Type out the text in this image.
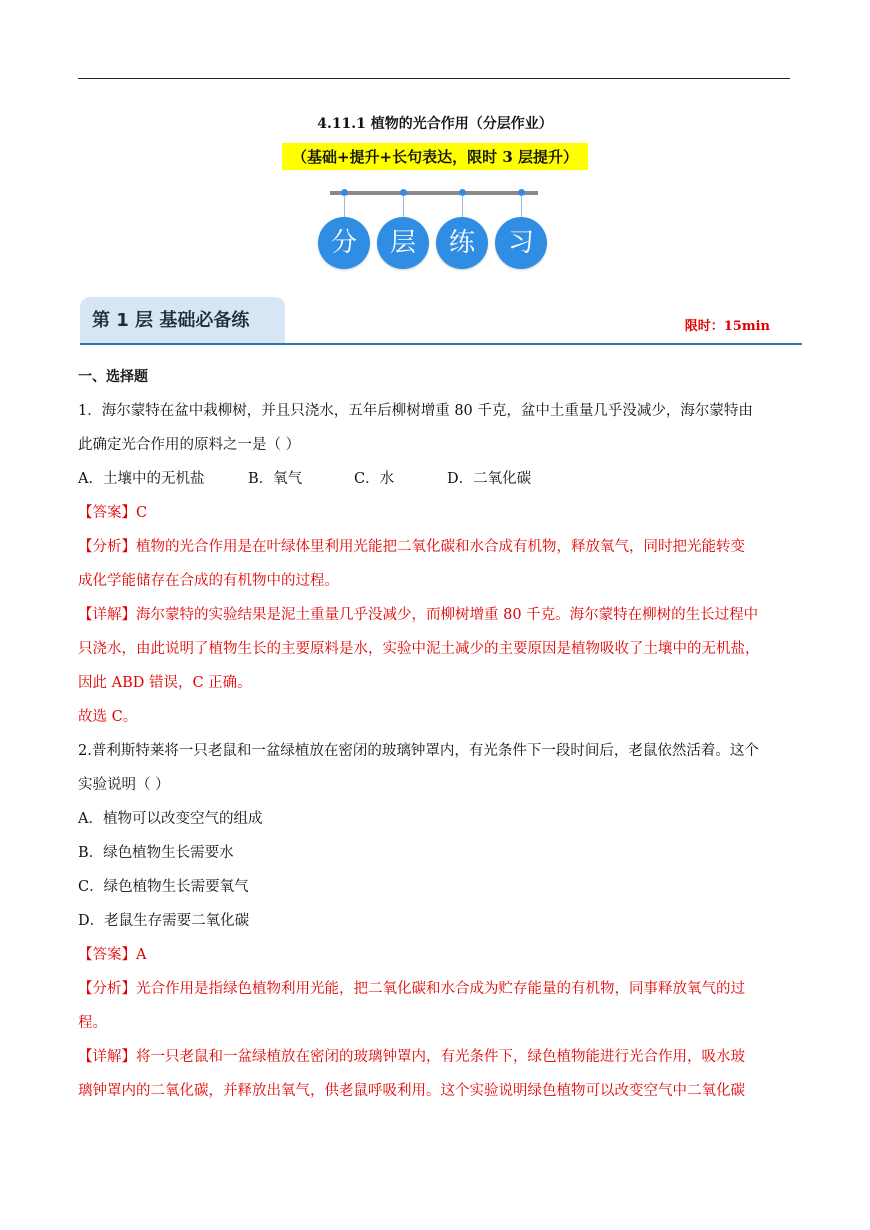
4.11.1 植物的光合作用（分层作业）
（基础+提升+长句表达，限时 3 层提升）
分	层	练	习
第 1 层 基础必备练	限时：15min

一、选择题

1．海尔蒙特在盆中栽柳树，并且只浇水，五年后柳树增重 80 千克，盆中土重量几乎没减少，海尔蒙特由

此确定光合作用的原料之一是（ ）

A．土壤中的无机盐	B．氧气	C．水	D．二氧化碳

【答案】C

【分析】植物的光合作用是在叶绿体里利用光能把二氧化碳和水合成有机物，释放氧气，同时把光能转变

成化学能储存在合成的有机物中的过程。

【详解】海尔蒙特的实验结果是泥土重量几乎没减少，而柳树增重 80 千克。海尔蒙特在柳树的生长过程中

只浇水，由此说明了植物生长的主要原料是水，实验中泥土减少的主要原因是植物吸收了土壤中的无机盐，

因此 ABD 错误，C 正确。

故选 C。

2.普利斯特莱将一只老鼠和一盆绿植放在密闭的玻璃钟罩内，有光条件下一段时间后，老鼠依然活着。这个

实验说明（ ）

A．植物可以改变空气的组成

B．绿色植物生长需要水

C．绿色植物生长需要氧气

D．老鼠生存需要二氧化碳

【答案】A

【分析】光合作用是指绿色植物利用光能，把二氧化碳和水合成为贮存能量的有机物，同事释放氧气的过

程。

【详解】将一只老鼠和一盆绿植放在密闭的玻璃钟罩内，有光条件下，绿色植物能进行光合作用，吸水玻

璃钟罩内的二氧化碳，并释放出氧气，供老鼠呼吸利用。这个实验说明绿色植物可以改变空气中二氧化碳
